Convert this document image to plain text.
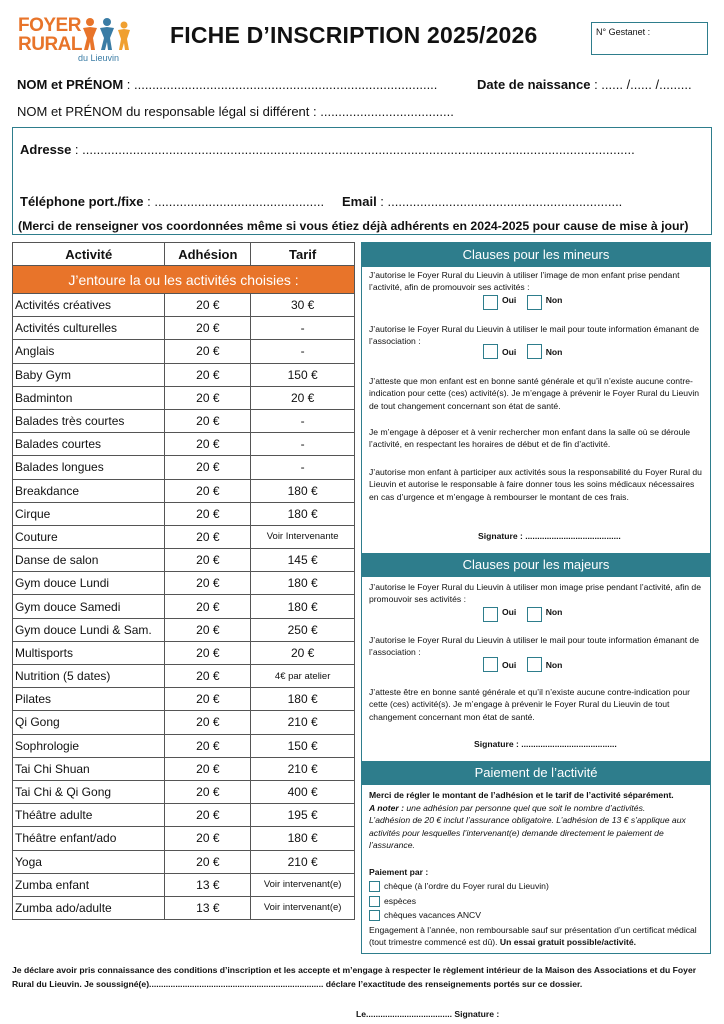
FOYER
RURAL
du Lieuvin
FICHE D’INSCRIPTION 2025/2026	N° Gestanet :
NOM et PRÉNOM : ....................................................................................	Date de naissance : ...... /...... /.........
NOM et PRÉNOM du responsable légal si différent : .....................................
Adresse : .........................................................................................................................................................
Téléphone port./fixe : ............................................... Email : .................................................................
(Merci de renseigner vos coordonnées même si vous étiez déjà adhérents en 2024-2025 pour cause de mise à jour)
Activité	Adhésion	Tarif
J’entoure la ou les activités choisies :		
Activités créatives	20 €	30 €
Activités culturelles	20 €	-
Anglais	20 €	-
Baby Gym	20 €	150 €
Badminton	20 €	20 €
Balades très courtes	20 €	-
Balades courtes	20 €	-
Balades longues	20 €	-
Breakdance	20 €	180 €
Cirque	20 €	180 €
Couture	20 €	Voir Intervenante
Danse de salon	20 €	145 €
Gym douce Lundi	20 €	180 €
Gym douce Samedi	20 €	180 €
Gym douce Lundi & Sam.	20 €	250 €
Multisports	20 €	20 €
Nutrition (5 dates)	20 €	4€ par atelier
Pilates	20 €	180 €
Qi Gong	20 €	210 €
Sophrologie	20 €	150 €
Tai Chi Shuan	20 €	210 €
Tai Chi & Qi Gong	20 €	400 €
Théâtre adulte	20 €	195 €
Théâtre enfant/ado	20 €	180 €
Yoga	20 €	210 €
Zumba enfant	13 €	Voir intervenant(e)
Zumba ado/adulte	13 €	Voir intervenant(e)
Clauses pour les mineurs
J’autorise le Foyer Rural du Lieuvin à utiliser l’image de mon enfant prise pendant l’activité, afin de promouvoir ses activités :
Oui	Non
J’autorise le Foyer Rural du Lieuvin à utiliser le mail pour toute information émanant de l’association :
Oui	Non
J’atteste que mon enfant est en bonne santé générale et qu’il n’existe aucune contre-indication pour cette (ces) activité(s). Je m’engage à prévenir le Foyer Rural du Lieuvin de tout changement concernant son état de santé.
Je m’engage à déposer et à venir rechercher mon enfant dans la salle où se déroule l’activité, en respectant les horaires de début et de fin d’activité.
J’autorise mon enfant à participer aux activités sous la responsabilité du Foyer Rural du Lieuvin et autorise le responsable à faire donner tous les soins médicaux nécessaires en cas d’urgence et m’engage à rembourser le montant de ces frais.
Signature : ........................................
Clauses pour les majeurs
J’autorise le Foyer Rural du Lieuvin à utiliser mon image prise pendant l’activité, afin de promouvoir ses activités :
Oui	Non
J’autorise le Foyer Rural du Lieuvin à utiliser le mail pour toute information émanant de l’association :
Oui	Non
J’atteste être en bonne santé générale et qu’il n’existe aucune contre-indication pour cette (ces) activité(s). Je m’engage à prévenir le Foyer Rural du Lieuvin de tout changement concernant mon état de santé.
Signature : ........................................
Paiement de l’activité
Merci de régler le montant de l’adhésion et le tarif de l’activité séparément.
A noter : une adhésion par personne quel que soit le nombre d’activités.
L’adhésion de 20 € inclut l’assurance obligatoire. L’adhésion de 13 € s’applique aux activités pour lesquelles l’intervenant(e) demande directement le paiement de l’assurance.
Paiement par :
chèque (à l’ordre du Foyer rural du Lieuvin)
espèces
chèques vacances ANCV
Engagement à l’année, non remboursable sauf sur présentation d’un certificat médical (tout trimestre commencé est dû). Un essai gratuit possible/activité.
Je déclare avoir pris connaissance des conditions d’inscription et les accepte et m’engage à respecter le règlement intérieur de la Maison des Associations et du Foyer Rural du Lieuvin. Je soussigné(e)......................................................................... déclare l’exactitude des renseignements portés sur ce dossier.
Le.................................... Signature :
